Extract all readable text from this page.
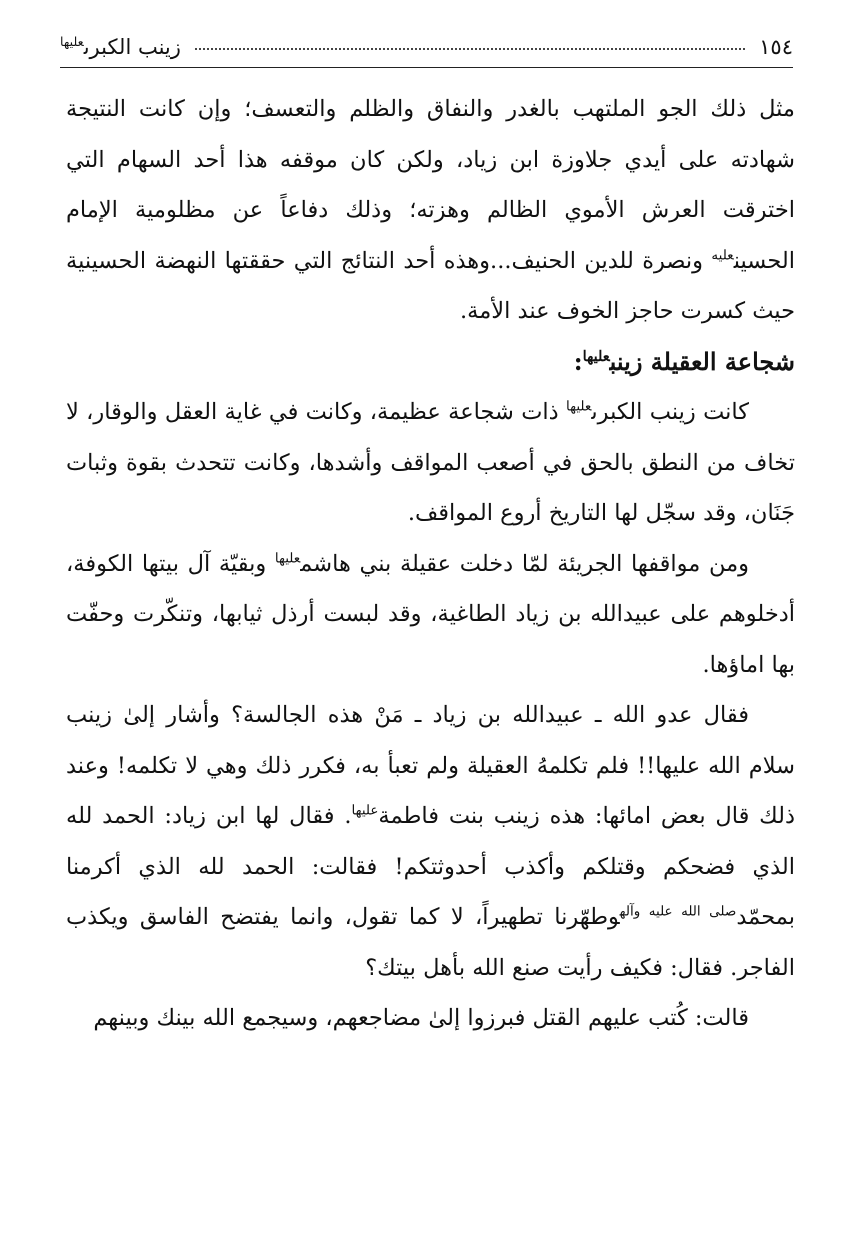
١٥٤
زينب الكبرى$^{عليها}$

مثل ذلك الجو الملتهب بالغدر والنفاق والظلم والتعسف؛ وإن كانت النتيجة شهادته على أيدي جلاوزة ابن زياد، ولكن كان موقفه هذا أحد السهام التي اخترقت العرش الأموي الظالم وهزته؛ وذلك دفاعاً عن مظلومية الإمام الحسين$^{عليه}$ ونصرة للدين الحنيف...وهذه أحد النتائج التي حققتها النهضة الحسينية حيث كسرت حاجز الخوف عند الأمة.

شجاعة العقيلة زينب$^{عليها}$:

كانت زينب الكبرى$^{عليها}$ ذات شجاعة عظيمة، وكانت في غاية العقل والوقار، لا تخاف من النطق بالحق في أصعب المواقف وأشدها، وكانت تتحدث بقوة وثبات جَنَان، وقد سجّل لها التاريخ أروع المواقف.

ومن مواقفها الجريئة لمّا دخلت عقيلة بني هاشم$^{عليها}$ وبقيّة آل بيتها الكوفة، أدخلوهم على عبيدالله بن زياد الطاغية، وقد لبست أرذل ثيابها، وتنكّرت وحفّت بها اماؤها.

فقال عدو الله ـ عبيدالله بن زياد ـ مَنْ هذه الجالسة؟ وأشار إلىٰ زينب سلام الله عليها!! فلم تكلمهُ العقيلة ولم تعبأ به، فكرر ذلك وهي لا تكلمه! وعند ذلك قال بعض امائها: هذه زينب بنت فاطمة$^{عليها}$. فقال لها ابن زياد: الحمد لله الذي فضحكم وقتلكم وأكذب أحدوثتكم! فقالت: الحمد لله الذي أكرمنا بمحمّد$^{صلى الله عليه وآله}$وطهّرنا تطهيراً، لا كما تقول، وانما يفتضح الفاسق ويكذب الفاجر. فقال: فكيف رأيت صنع الله بأهل بيتك؟

قالت: كُتب عليهم القتل فبرزوا إلىٰ مضاجعهم، وسيجمع الله بينك وبينهم
